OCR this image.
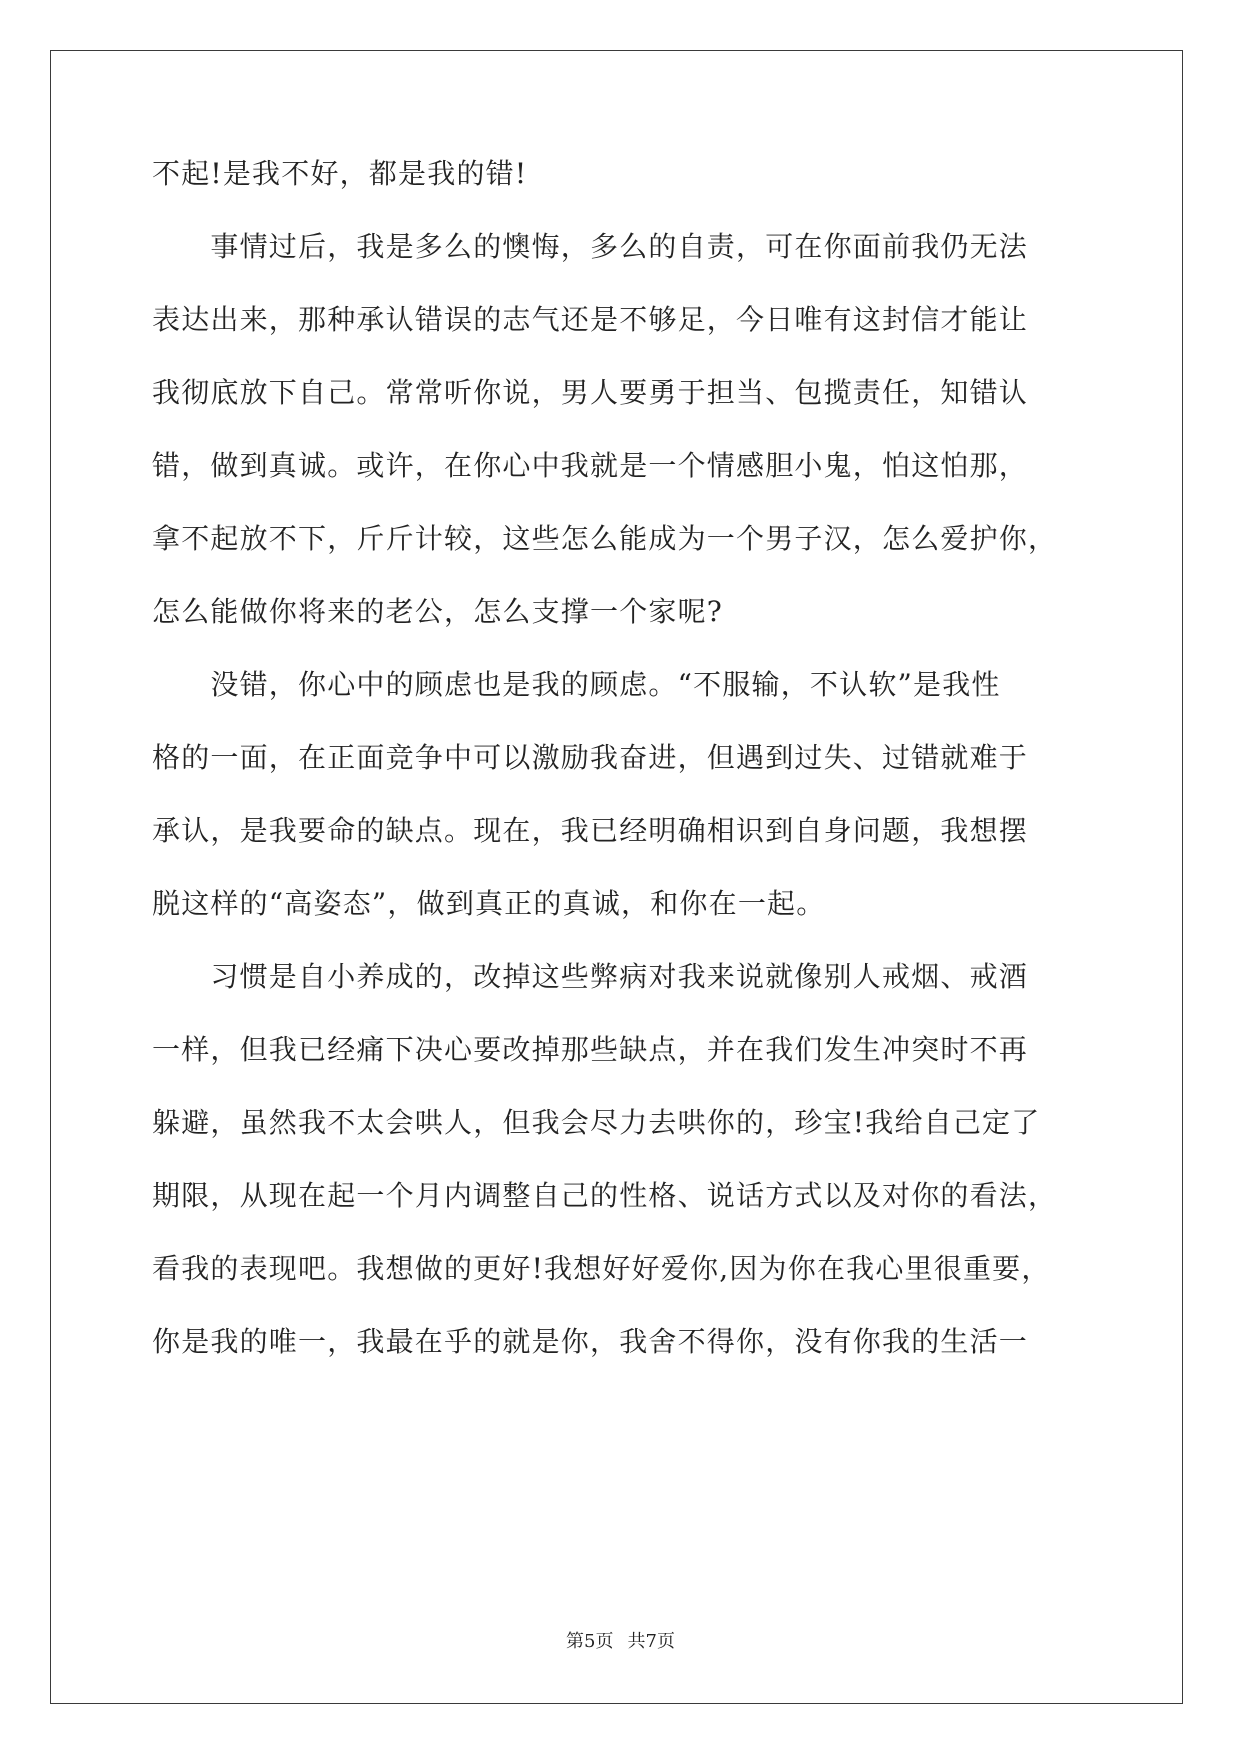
不起!是我不好，都是我的错!
　　事情过后，我是多么的懊悔，多么的自责，可在你面前我仍无法
表达出来，那种承认错误的志气还是不够足，今日唯有这封信才能让
我彻底放下自己。常常听你说，男人要勇于担当、包揽责任，知错认
错，做到真诚。或许，在你心中我就是一个情感胆小鬼，怕这怕那，
拿不起放不下，斤斤计较，这些怎么能成为一个男子汉，怎么爱护你，
怎么能做你将来的老公，怎么支撑一个家呢?
　　没错，你心中的顾虑也是我的顾虑。“不服输，不认软”是我性
格的一面，在正面竞争中可以激励我奋进，但遇到过失、过错就难于
承认，是我要命的缺点。现在，我已经明确相识到自身问题，我想摆
脱这样的“高姿态”，做到真正的真诚，和你在一起。
　　习惯是自小养成的，改掉这些弊病对我来说就像别人戒烟、戒酒
一样，但我已经痛下决心要改掉那些缺点，并在我们发生冲突时不再
躲避，虽然我不太会哄人，但我会尽力去哄你的，珍宝!我给自己定了
期限，从现在起一个月内调整自己的性格、说话方式以及对你的看法，
看我的表现吧。我想做的更好!我想好好爱你,因为你在我心里很重要，
你是我的唯一，我最在乎的就是你，我舍不得你，没有你我的生活一
第5页 共7页
